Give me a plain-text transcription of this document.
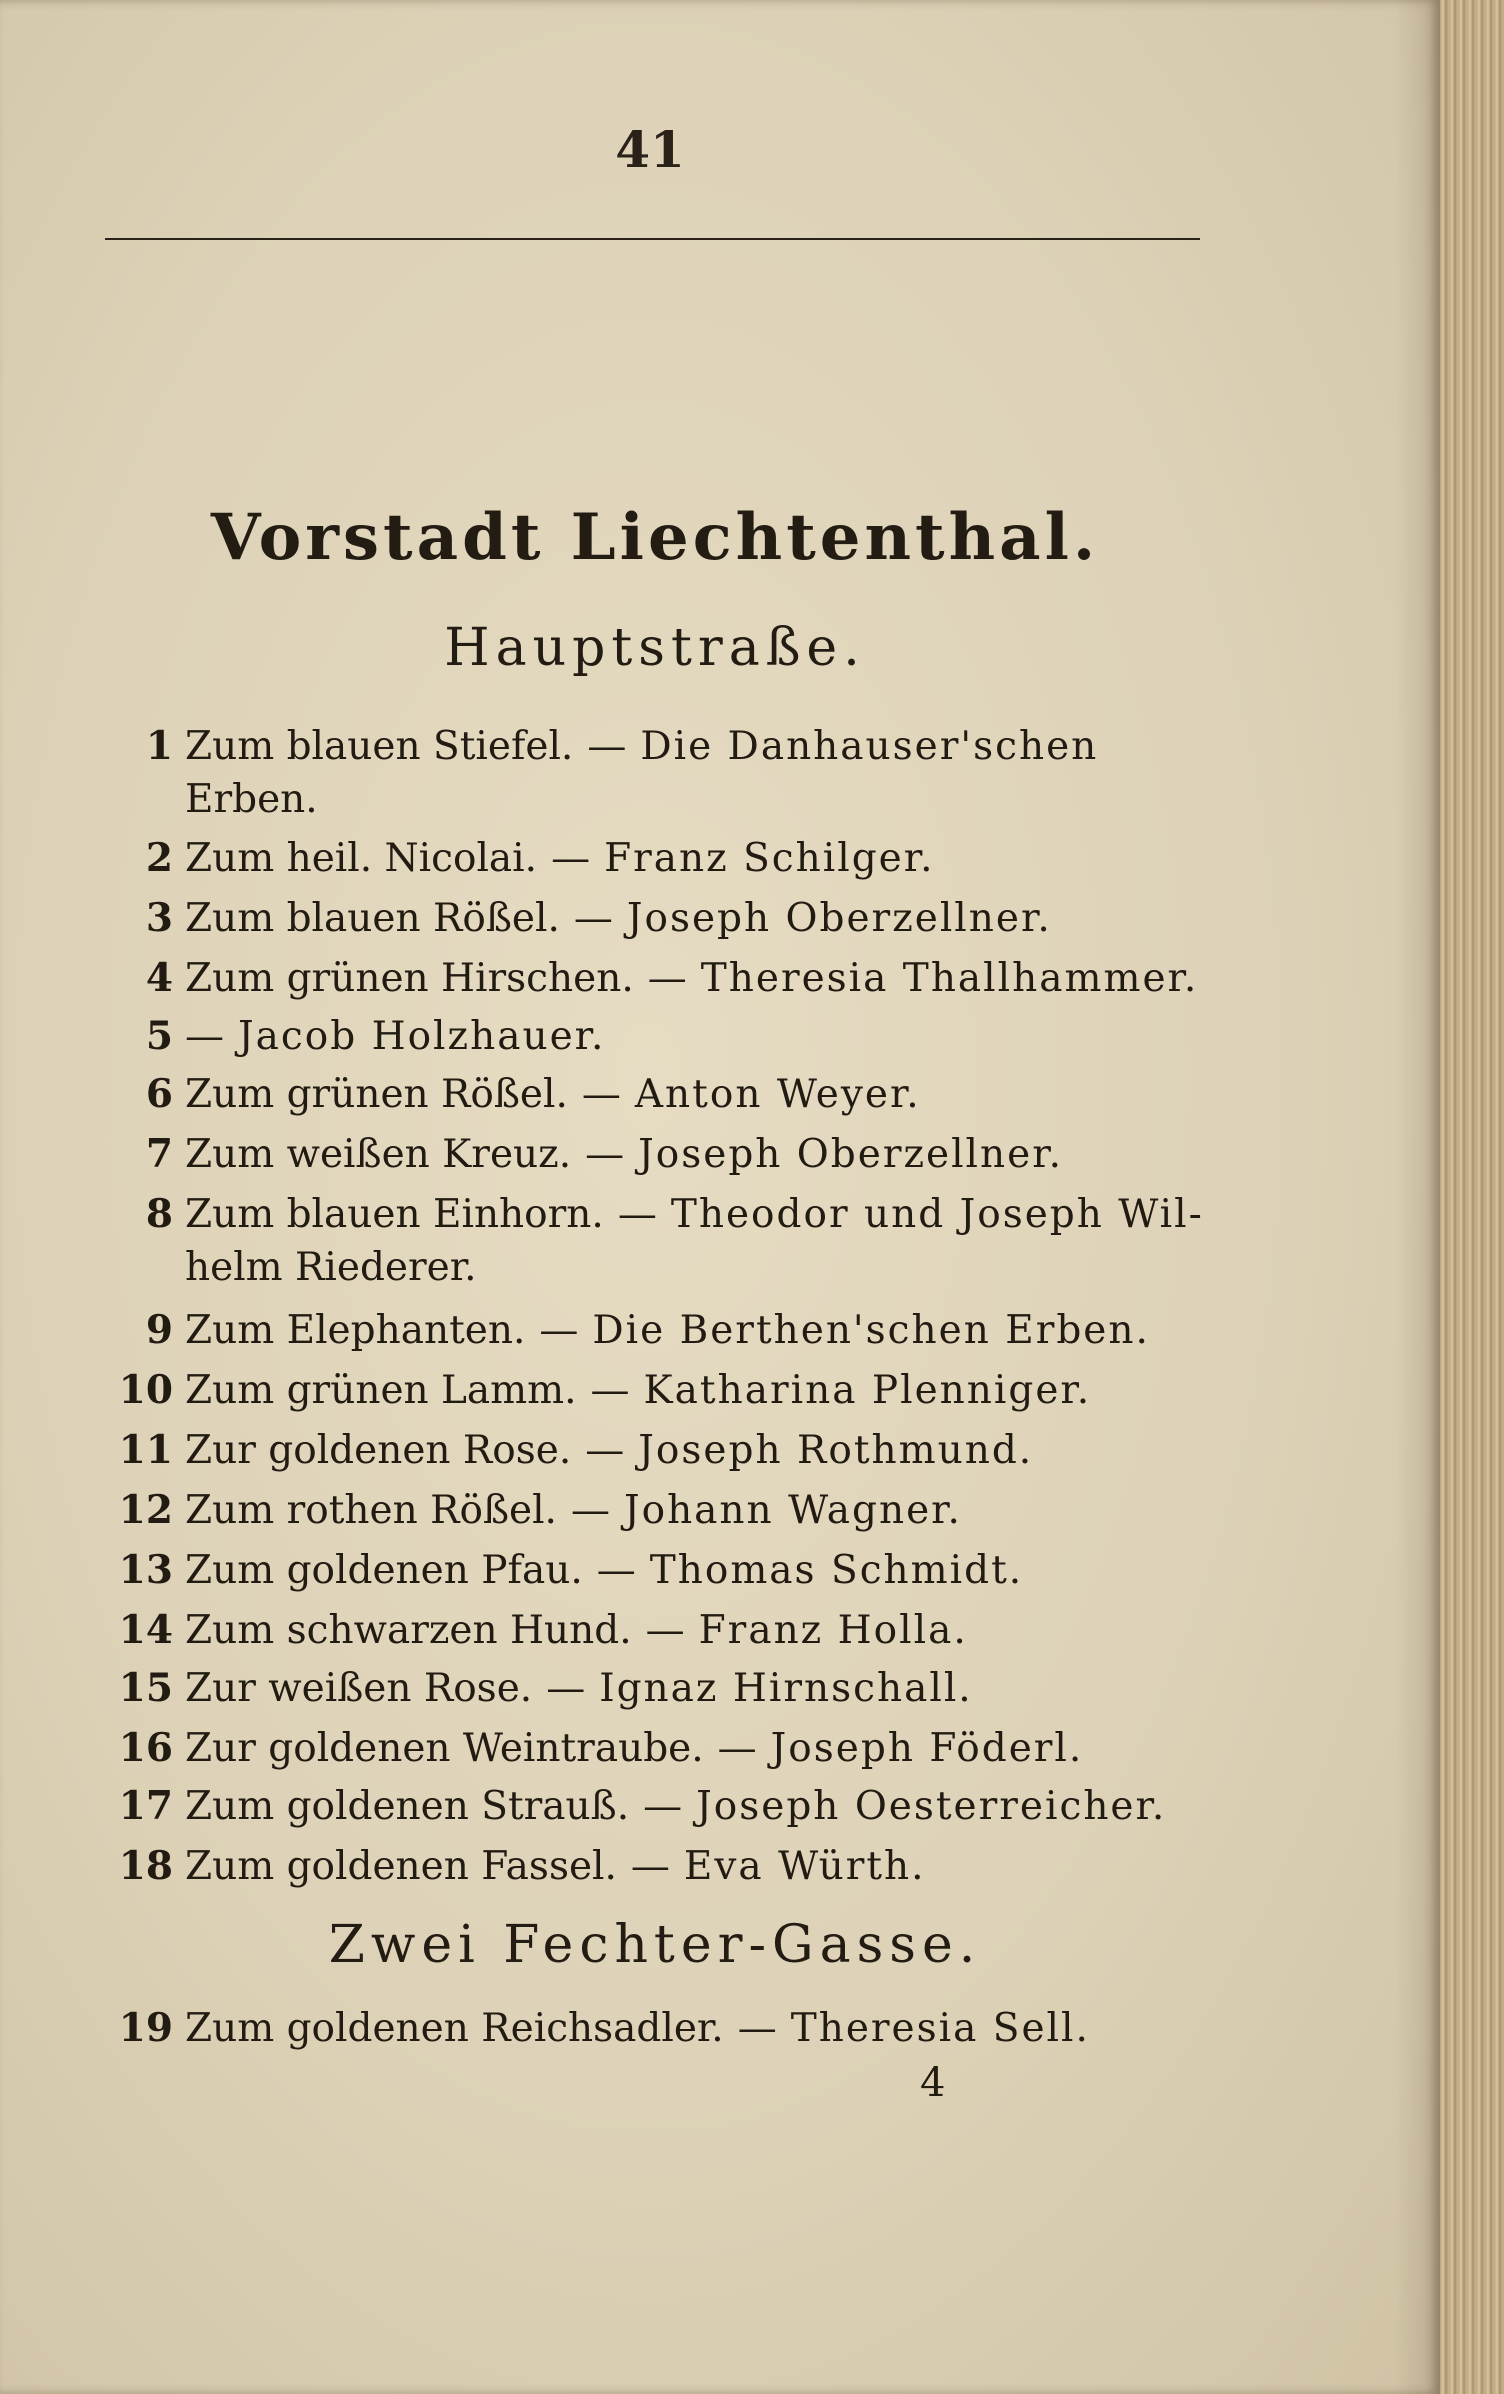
41
Vorstadt Liechtenthal.
Hauptstraße.
1 Zum blauen Stiefel. — Die Danhauser'schen
Erben.
2 Zum heil. Nicolai. — Franz Schilger.
3 Zum blauen Rößel. — Joseph Oberzellner.
4 Zum grünen Hirschen. — Theresia Thallhammer.
5 — Jacob Holzhauer.
6 Zum grünen Rößel. — Anton Weyer.
7 Zum weißen Kreuz. — Joseph Oberzellner.
8 Zum blauen Einhorn. — Theodor und Joseph Wil-
helm Riederer.
9 Zum Elephanten. — Die Berthen'schen Erben.
10 Zum grünen Lamm. — Katharina Plenniger.
11 Zur goldenen Rose. — Joseph Rothmund.
12 Zum rothen Rößel. — Johann Wagner.
13 Zum goldenen Pfau. — Thomas Schmidt.
14 Zum schwarzen Hund. — Franz Holla.
15 Zur weißen Rose. — Ignaz Hirnschall.
16 Zur goldenen Weintraube. — Joseph Föderl.
17 Zum goldenen Strauß. — Joseph Oesterreicher.
18 Zum goldenen Fassel. — Eva Würth.
Zwei Fechter-Gasse.
19 Zum goldenen Reichsadler. — Theresia Sell.
4
